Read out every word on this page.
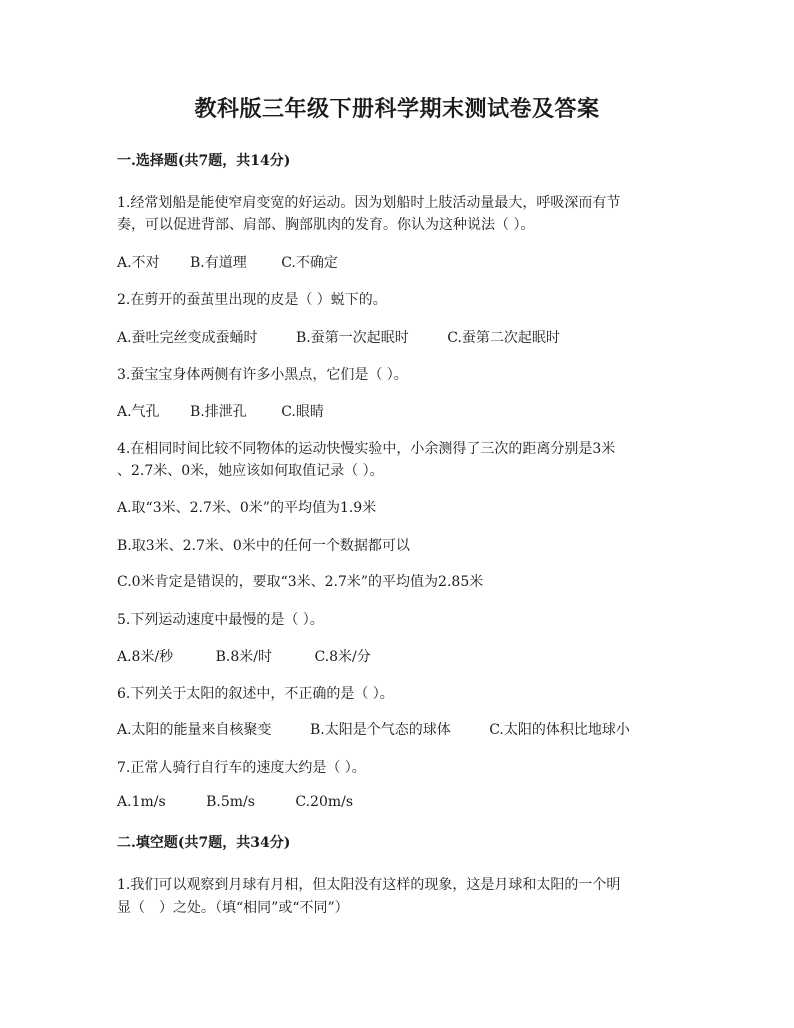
教科版三年级下册科学期末测试卷及答案
一.选择题(共7题，共14分)
1.经常划船是能使窄肩变宽的好运动。因为划船时上肢活动量最大，呼吸深而有节
奏，可以促进背部、肩部、胸部肌肉的发育。你认为这种说法（ ）。
A.不对 B.有道理 C.不确定
2.在剪开的蚕茧里出现的皮是（ ）蜕下的。
A.蚕吐完丝变成蚕蛹时	B.蚕第一次起眠时	C.蚕第二次起眠时
3.蚕宝宝身体两侧有许多小黑点，它们是（ ）。
A.气孔 B.排泄孔 C.眼睛
4.在相同时间比较不同物体的运动快慢实验中，小余测得了三次的距离分别是3米
、2.7米、0米，她应该如何取值记录（ ）。
A.取“3米、2.7米、0米”的平均值为1.9米
B.取3米、2.7米、0米中的任何一个数据都可以
C.0米肯定是错误的，要取“3米、2.7米”的平均值为2.85米
5.下列运动速度中最慢的是（ ）。
A.8米/秒	B.8米/时	C.8米/分
6.下列关于太阳的叙述中，不正确的是（ ）。
A.太阳的能量来自核聚变	B.太阳是个气态的球体	C.太阳的体积比地球小
7.正常人骑行自行车的速度大约是（ ）。
A.1m/s	B.5m/s	C.20m/s
二.填空题(共7题，共34分)
1.我们可以观察到月球有月相，但太阳没有这样的现象，这是月球和太阳的一个明
显（　）之处。（填“相同”或“不同”）
